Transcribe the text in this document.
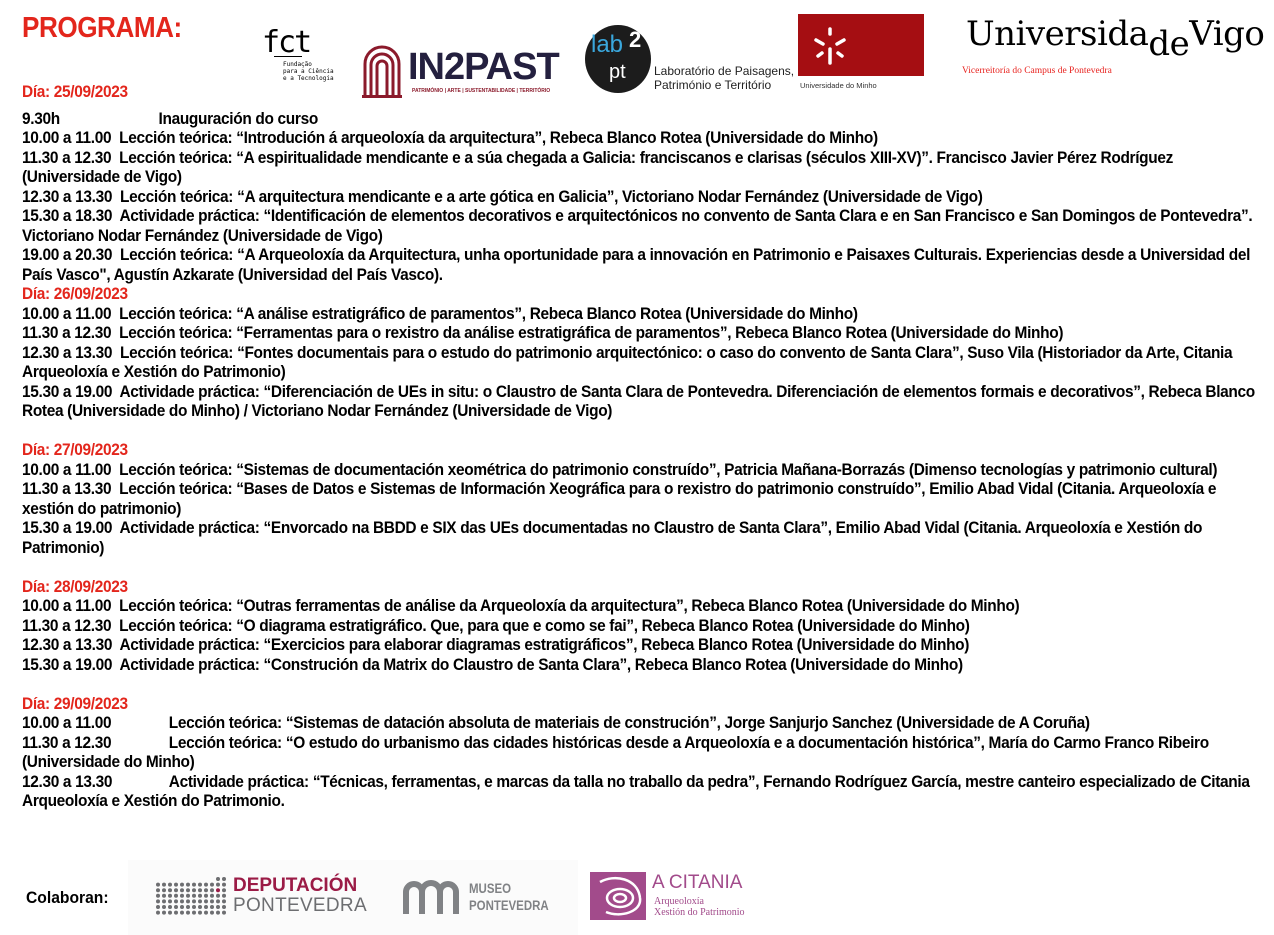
PROGRAMA:	fct
Fundação
para a Ciência
e a Tecnologia IN2PAST
PATRIMÓNIO | ARTE | SUSTENTABILIDADE | TERRITÓRIO
lab 2
pt Laboratório de Paisagens,
Património e Território	Universidade do Minho
UniversidadeVigo
Vicerreitoría do Campus de Pontevedra
Día: 25/09/2023
9.30h	Inauguración do curso
10.00 a 11.00 Lección teórica: “Introdución á arqueoloxía da arquitectura”, Rebeca Blanco Rotea (Universidade do Minho)
11.30 a 12.30 Lección teórica: “A espiritualidade mendicante e a súa chegada a Galicia: franciscanos e clarisas (séculos XIII-XV)”. Francisco Javier Pérez Rodríguez (Universidade de Vigo)
12.30 a 13.30 Lección teórica: “A arquitectura mendicante e a arte gótica en Galicia”, Victoriano Nodar Fernández (Universidade de Vigo)
15.30 a 18.30 Actividade práctica: “Identificación de elementos decorativos e arquitectónicos no convento de Santa Clara e en San Francisco e San Domingos de Pontevedra”. Victoriano Nodar Fernández (Universidade de Vigo)
19.00 a 20.30 Lección teórica: “A Arqueoloxía da Arquitectura, unha oportunidade para a innovación en Patrimonio e Paisaxes Culturais. Experiencias desde a Universidad del País Vasco", Agustín Azkarate (Universidad del País Vasco).
Día: 26/09/2023
10.00 a 11.00 Lección teórica: “A análise estratigráfico de paramentos”, Rebeca Blanco Rotea (Universidade do Minho)
11.30 a 12.30 Lección teórica: “Ferramentas para o rexistro da análise estratigráfica de paramentos”, Rebeca Blanco Rotea (Universidade do Minho)
12.30 a 13.30 Lección teórica: “Fontes documentais para o estudo do patrimonio arquitectónico: o caso do convento de Santa Clara”, Suso Vila (Historiador da Arte, Citania Arqueoloxía e Xestión do Patrimonio)
15.30 a 19.00 Actividade práctica: “Diferenciación de UEs in situ: o Claustro de Santa Clara de Pontevedra. Diferenciación de elementos formais e decorativos”, Rebeca Blanco Rotea (Universidade do Minho) / Victoriano Nodar Fernández (Universidade de Vigo)
Día: 27/09/2023
10.00 a 11.00 Lección teórica: “Sistemas de documentación xeométrica do patrimonio construído”, Patricia Mañana-Borrazás (Dimenso tecnologías y patrimonio cultural)
11.30 a 13.30 Lección teórica: “Bases de Datos e Sistemas de Información Xeográfica para o rexistro do patrimonio construído”, Emilio Abad Vidal (Citania. Arqueoloxía e xestión do patrimonio)
15.30 a 19.00 Actividade práctica: “Envorcado na BBDD e SIX das UEs documentadas no Claustro de Santa Clara”, Emilio Abad Vidal (Citania. Arqueoloxía e Xestión do Patrimonio)
Día: 28/09/2023
10.00 a 11.00 Lección teórica: “Outras ferramentas de análise da Arqueoloxía da arquitectura”, Rebeca Blanco Rotea (Universidade do Minho)
11.30 a 12.30 Lección teórica: “O diagrama estratigráfico. Que, para que e como se fai”, Rebeca Blanco Rotea (Universidade do Minho)
12.30 a 13.30 Actividade práctica: “Exercicios para elaborar diagramas estratigráficos”, Rebeca Blanco Rotea (Universidade do Minho)
15.30 a 19.00 Actividade práctica: “Construción da Matrix do Claustro de Santa Clara”, Rebeca Blanco Rotea (Universidade do Minho)
Día: 29/09/2023
10.00 a 11.00	Lección teórica: “Sistemas de datación absoluta de materiais de construción”, Jorge Sanjurjo Sanchez (Universidade de A Coruña)
11.30 a 12.30	Lección teórica: “O estudo do urbanismo das cidades históricas desde a Arqueoloxía e a documentación histórica”, María do Carmo Franco Ribeiro (Universidade do Minho)
12.30 a 13.30	Actividade práctica: “Técnicas, ferramentas, e marcas da talla no traballo da pedra”, Fernando Rodríguez García, mestre canteiro especializado de Citania Arqueoloxía e Xestión do Patrimonio.
Colaboran:
DEPUTACIÓN
PONTEVEDRA
MUSEO
PONTEVEDRA
A CITANIA
Arqueoloxía
Xestión do Patrimonio
